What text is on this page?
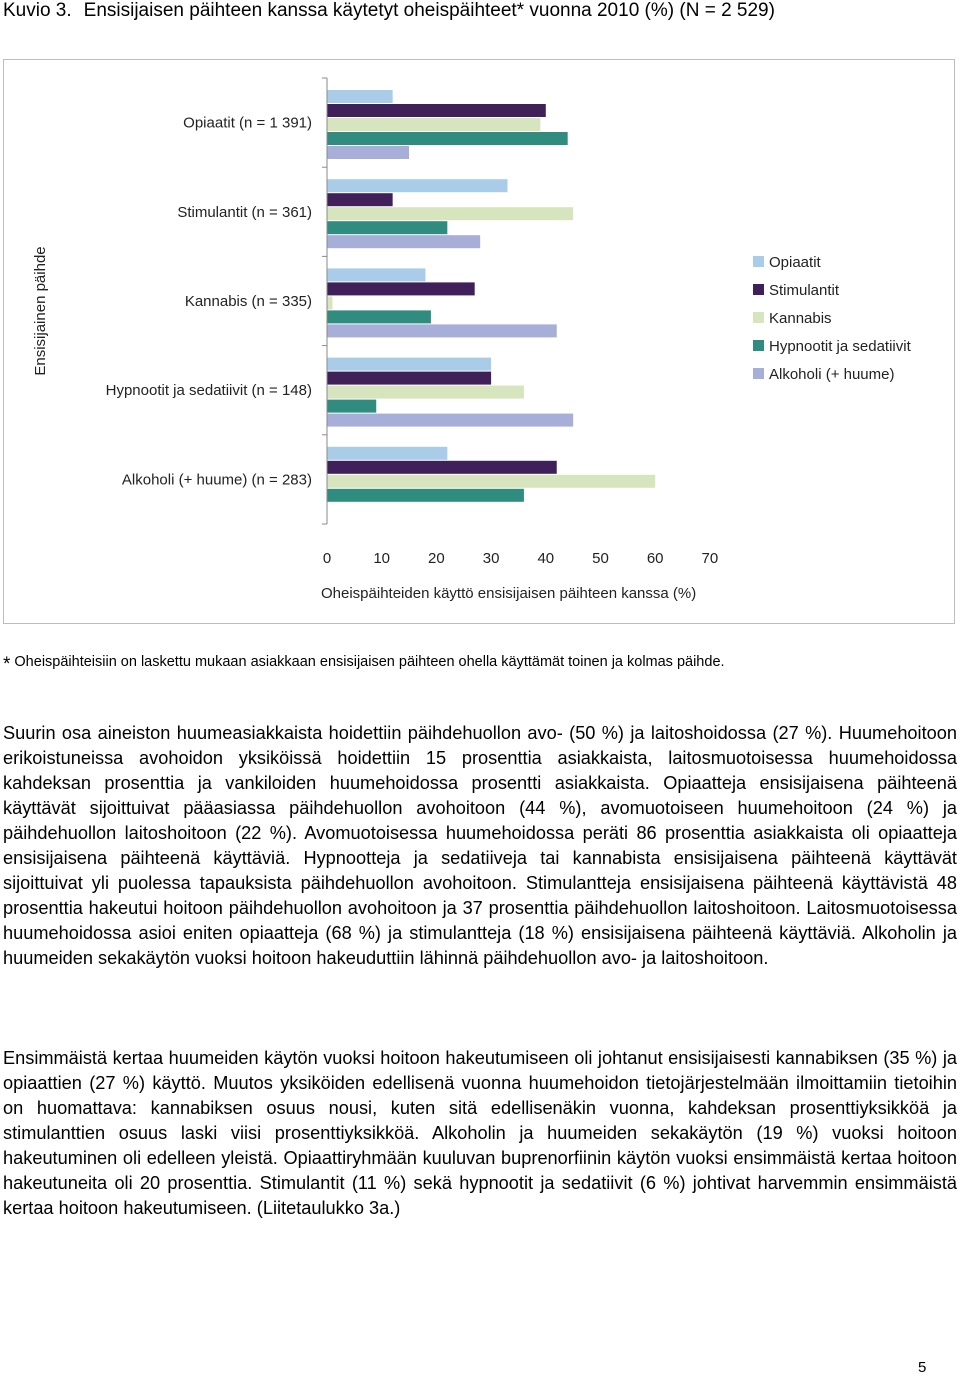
Kuvio 3. Ensisijaisen päihteen kanssa käytetyt oheispäihteet* vuonna 2010 (%) (N = 2 529)
Opiaatit (n = 1 391)
Stimulantit (n = 361)
Kannabis (n = 335)
Hypnootit ja sedatiivit (n = 148)
Alkoholi (+ huume) (n = 283)
Ensisijainen päihde
0	10	20	30	40	50	60	70
Oheispäihteiden käyttö ensisijaisen päihteen kanssa (%)
Opiaatit
Stimulantit
Kannabis
Hypnootit ja sedatiivit
Alkoholi (+ huume)
* Oheispäihteisiin on laskettu mukaan asiakkaan ensisijaisen päihteen ohella käyttämät toinen ja kolmas päihde.

Suurin osa aineiston huumeasiakkaista hoidettiin päihdehuollon avo- (50 %) ja laitoshoidossa (27 %). Huumehoitoon erikoistuneissa avohoidon yksiköissä hoidettiin 15 prosenttia asiakkaista, laitosmuotoisessa huumehoidossa kahdeksan prosenttia ja vankiloiden huumehoidossa prosentti asiakkaista. Opiaatteja ensisijaisena päihteenä käyttävät sijoittuivat pääasiassa päihdehuollon avohoitoon (44 %), avomuotoiseen huumehoitoon (24 %) ja päihdehuollon laitoshoitoon (22 %). Avomuotoisessa huumehoidossa peräti 86 prosenttia asiakkaista oli opiaatteja ensisijaisena päihteenä käyttäviä. Hypnootteja ja sedatiiveja tai kannabista ensisijaisena päihteenä käyttävät sijoittuivat yli puolessa tapauksista päihdehuollon avohoitoon. Stimulantteja ensisijaisena päihteenä käyttävistä 48 prosenttia hakeutui hoitoon päihdehuollon avohoitoon ja 37 prosenttia päihdehuollon laitoshoitoon. Laitosmuotoisessa huumehoidossa asioi eniten opiaatteja (68 %) ja stimulantteja (18 %) ensisijaisena päihteenä käyttäviä. Alkoholin ja huumeiden sekakäytön vuoksi hoitoon hakeuduttiin lähinnä päihdehuollon avo- ja laitoshoitoon.

Ensimmäistä kertaa huumeiden käytön vuoksi hoitoon hakeutumiseen oli johtanut ensisijaisesti kannabiksen (35 %) ja opiaattien (27 %) käyttö. Muutos yksiköiden edellisenä vuonna huumehoidon tietojärjestelmään ilmoittamiin tietoihin on huomattava: kannabiksen osuus nousi, kuten sitä edellisenäkin vuonna, kahdeksan prosenttiyksikköä ja stimulanttien osuus laski viisi prosenttiyksikköä. Alkoholin ja huumeiden sekakäytön (19 %) vuoksi hoitoon hakeutuminen oli edelleen yleistä. Opiaattiryhmään kuuluvan buprenorfiinin käytön vuoksi ensimmäistä kertaa hoitoon hakeutuneita oli 20 prosenttia. Stimulantit (11 %) sekä hypnootit ja sedatiivit (6 %) johtivat harvemmin ensimmäistä kertaa hoitoon hakeutumiseen. (Liitetaulukko 3a.)

5
